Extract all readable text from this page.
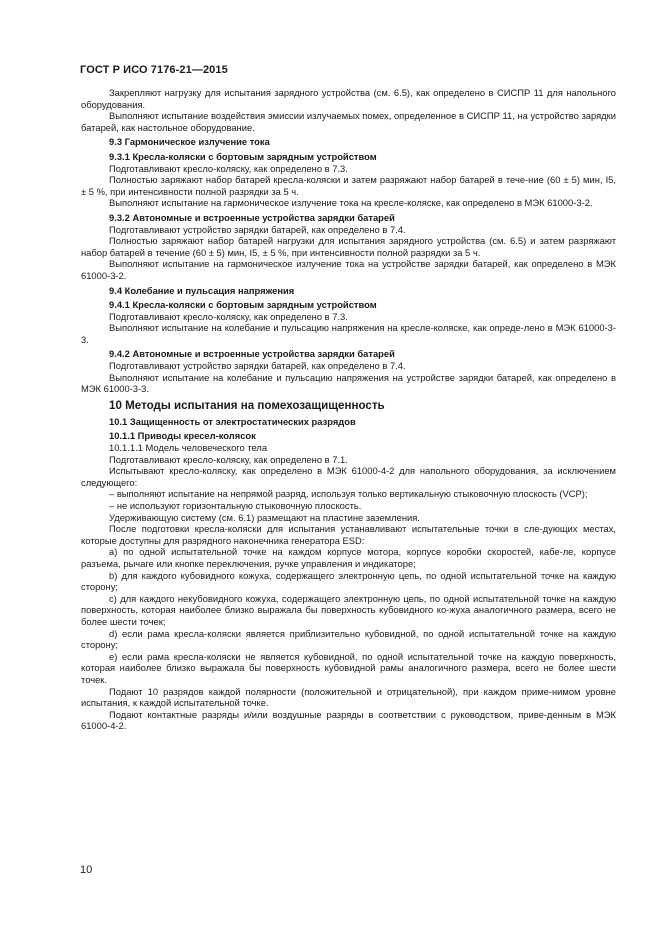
ГОСТ Р ИСО 7176-21—2015
Закрепляют нагрузку для испытания зарядного устройства (см. 6.5), как определено в СИСПР 11 для напольного оборудования.
Выполняют испытание воздействия эмиссии излучаемых помех, определенное в СИСПР 11, на устройство зарядки батарей, как настольное оборудование.
9.3 Гармоническое излучение тока
9.3.1 Кресла-коляски с бортовым зарядным устройством
Подготавливают кресло-коляску, как определено в 7.3.
Полностью заряжают набор батарей кресла-коляски и затем разряжают набор батарей в тече-ние (60 ± 5) мин, I5, ± 5 %, при интенсивности полной разрядки за 5 ч.
Выполняют испытание на гармоническое излучение тока на кресле-коляске, как определено в МЭК 61000-3-2.
9.3.2 Автономные и встроенные устройства зарядки батарей
Подготавливают устройство зарядки батарей, как определено в 7.4.
Полностью заряжают набор батарей нагрузки для испытания зарядного устройства (см. 6.5) и затем разряжают набор батарей в течение (60 ± 5) мин, I5, ± 5 %, при интенсивности полной разрядки за 5 ч.
Выполняют испытание на гармоническое излучение тока на устройстве зарядки батарей, как определено в МЭК 61000-3-2.
9.4 Колебание и пульсация напряжения
9.4.1 Кресла-коляски с бортовым зарядным устройством
Подготавливают кресло-коляску, как определено в 7.3.
Выполняют испытание на колебание и пульсацию напряжения на кресле-коляске, как опреде-лено в МЭК 61000-3-3.
9.4.2 Автономные и встроенные устройства зарядки батарей
Подготавливают устройство зарядки батарей, как определено в 7.4.
Выполняют испытание на колебание и пульсацию напряжения на устройстве зарядки батарей, как определено в МЭК 61000-3-3.
10 Методы испытания на помехозащищенность
10.1 Защищенность от электростатических разрядов
10.1.1 Приводы кресел-колясок
10.1.1.1 Модель человеческого тела
Подготавливают кресло-коляску, как определено в 7.1.
Испытывают кресло-коляску, как определено в МЭК 61000-4-2 для напольного оборудования, за исключением следующего:
– выполняют испытание на непрямой разряд, используя только вертикальную стыковочную плоскость (VCP);
– не используют горизонтальную стыковочную плоскость.
Удерживающую систему (см. 6.1) размещают на пластине заземления.
После подготовки кресла-коляски для испытания устанавливают испытательные точки в сле-дующих местах, которые доступны для разрядного наконечника генератора ESD:
а) по одной испытательной точке на каждом корпусе мотора, корпусе коробки скоростей, кабе-ле, корпусе разъема, рычаге или кнопке переключения, ручке управления и индикаторе;
b) для каждого кубовидного кожуха, содержащего электронную цепь, по одной испытательной точке на каждую сторону;
с) для каждого некубовидного кожуха, содержащего электронную цепь, по одной испытательной точке на каждую поверхность, которая наиболее близко выражала бы поверхность кубовидного ко-жуха аналогичного размера, всего не более шести точек;
d) если рама кресла-коляски является приблизительно кубовидной, по одной испытательной точке на каждую сторону;
е) если рама кресла-коляски не является кубовидной, по одной испытательной точке на каждую поверхность, которая наиболее близко выражала бы поверхность кубовидной рамы аналогичного размера, всего не более шести точек.
Подают 10 разрядов каждой полярности (положительной и отрицательной), при каждом приме-нимом уровне испытания, к каждой испытательной точке.
Подают контактные разряды и/или воздушные разряды в соответствии с руководством, приве-денным в МЭК 61000-4-2.
10
